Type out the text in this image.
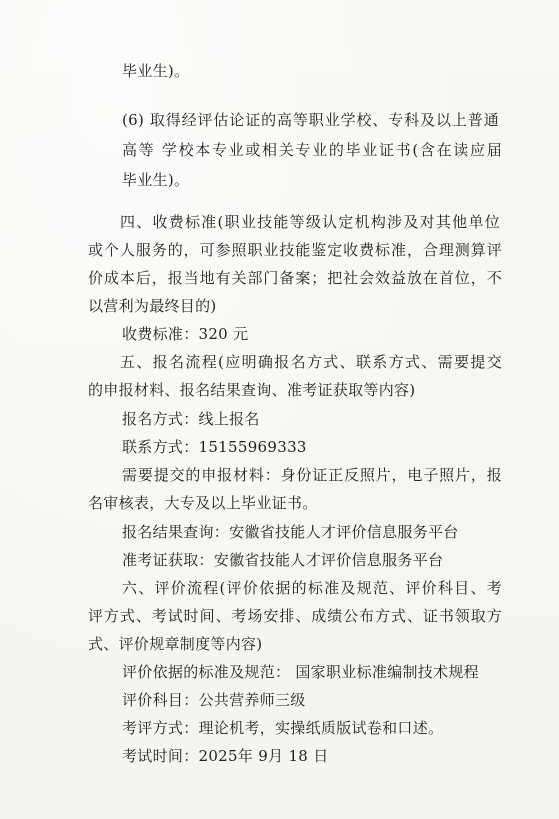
毕业生)。
(6) 取得经评估论证的高等职业学校、专科及以上普通
高等 学校本专业或相关专业的毕业证书(含在读应届
毕业生)。
四、收费标准(职业技能等级认定机构涉及对其他单位
或个人服务的，可参照职业技能鉴定收费标准，合理测算评
价成本后，报当地有关部门备案；把社会效益放在首位，不
以营利为最终目的)
收费标准：320 元
五、报名流程(应明确报名方式、联系方式、需要提交
的申报材料、报名结果查询、准考证获取等内容)
报名方式：线上报名
联系方式：15155969333
需要提交的申报材料：身份证正反照片，电子照片，报
名审核表，大专及以上毕业证书。
报名结果查询：安徽省技能人才评价信息服务平台
准考证获取：安徽省技能人才评价信息服务平台
六、评价流程(评价依据的标准及规范、评价科目、考
评方式、考试时间、考场安排、成绩公布方式、证书领取方
式、评价规章制度等内容)
评价依据的标准及规范： 国家职业标准编制技术规程
评价科目：公共营养师三级
考评方式：理论机考，实操纸质版试卷和口述。
考试时间：2025年 9月 18 日
